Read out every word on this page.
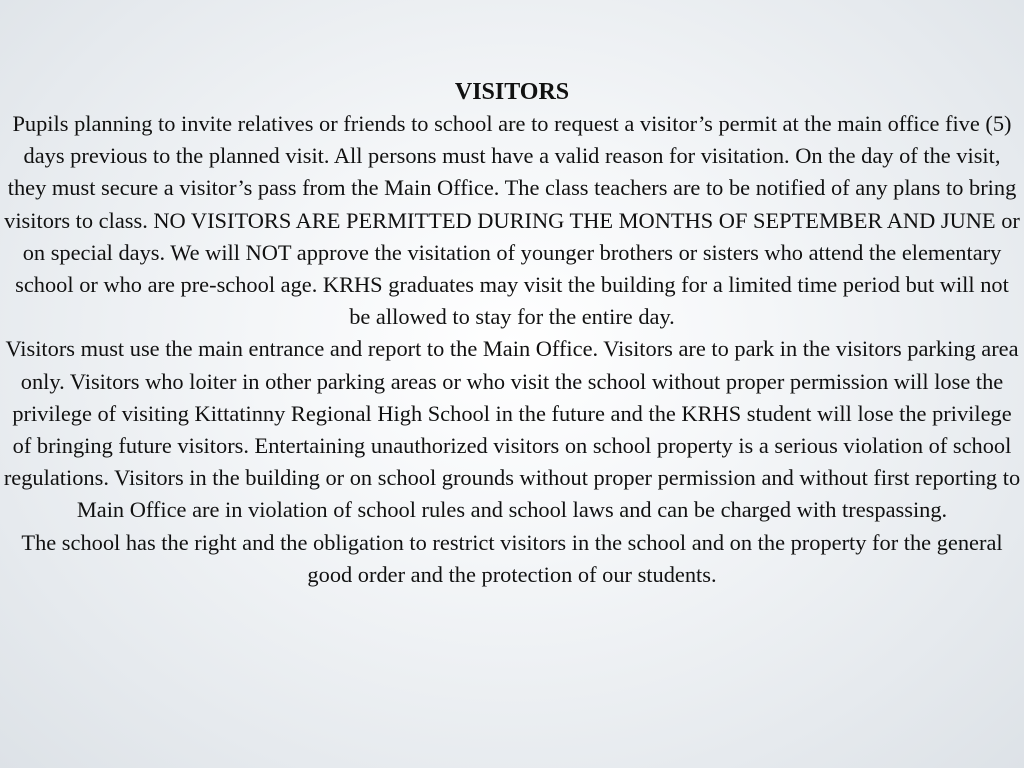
VISITORS

Pupils planning to invite relatives or friends to school are to request a visitor’s permit at the main office five (5) days previous to the planned visit. All persons must have a valid reason for visitation. On the day of the visit, they must secure a visitor’s pass from the Main Office. The class teachers are to be notified of any plans to bring visitors to class. NO VISITORS ARE PERMITTED DURING THE MONTHS OF SEPTEMBER AND JUNE or on special days. We will NOT approve the visitation of younger brothers or sisters who attend the elementary school or who are pre-school age. KRHS graduates may visit the building for a limited time period but will not be allowed to stay for the entire day.

Visitors must use the main entrance and report to the Main Office. Visitors are to park in the visitors parking area only. Visitors who loiter in other parking areas or who visit the school without proper permission will lose the privilege of visiting Kittatinny Regional High School in the future and the KRHS student will lose the privilege of bringing future visitors. Entertaining unauthorized visitors on school property is a serious violation of school regulations. Visitors in the building or on school grounds without proper permission and without first reporting to Main Office are in violation of school rules and school laws and can be charged with trespassing.

The school has the right and the obligation to restrict visitors in the school and on the property for the general good order and the protection of our students.
